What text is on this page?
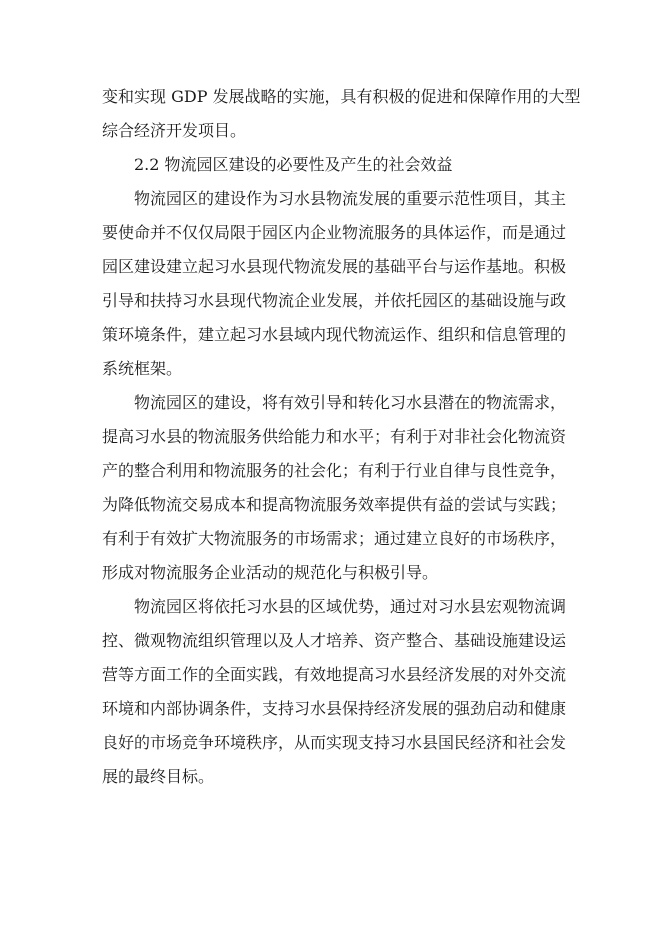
变和实现 GDP 发展战略的实施，具有积极的促进和保障作用的大型
综合经济开发项目。
2.2 物流园区建设的必要性及产生的社会效益
物流园区的建设作为习水县物流发展的重要示范性项目，其主
要使命并不仅仅局限于园区内企业物流服务的具体运作，而是通过
园区建设建立起习水县现代物流发展的基础平台与运作基地。积极
引导和扶持习水县现代物流企业发展，并依托园区的基础设施与政
策环境条件，建立起习水县域内现代物流运作、组织和信息管理的
系统框架。
物流园区的建设，将有效引导和转化习水县潜在的物流需求，
提高习水县的物流服务供给能力和水平；有利于对非社会化物流资
产的整合利用和物流服务的社会化；有利于行业自律与良性竞争，
为降低物流交易成本和提高物流服务效率提供有益的尝试与实践；
有利于有效扩大物流服务的市场需求；通过建立良好的市场秩序，
形成对物流服务企业活动的规范化与积极引导。
物流园区将依托习水县的区域优势，通过对习水县宏观物流调
控、微观物流组织管理以及人才培养、资产整合、基础设施建设运
营等方面工作的全面实践，有效地提高习水县经济发展的对外交流
环境和内部协调条件，支持习水县保持经济发展的强劲启动和健康
良好的市场竞争环境秩序，从而实现支持习水县国民经济和社会发
展的最终目标。
